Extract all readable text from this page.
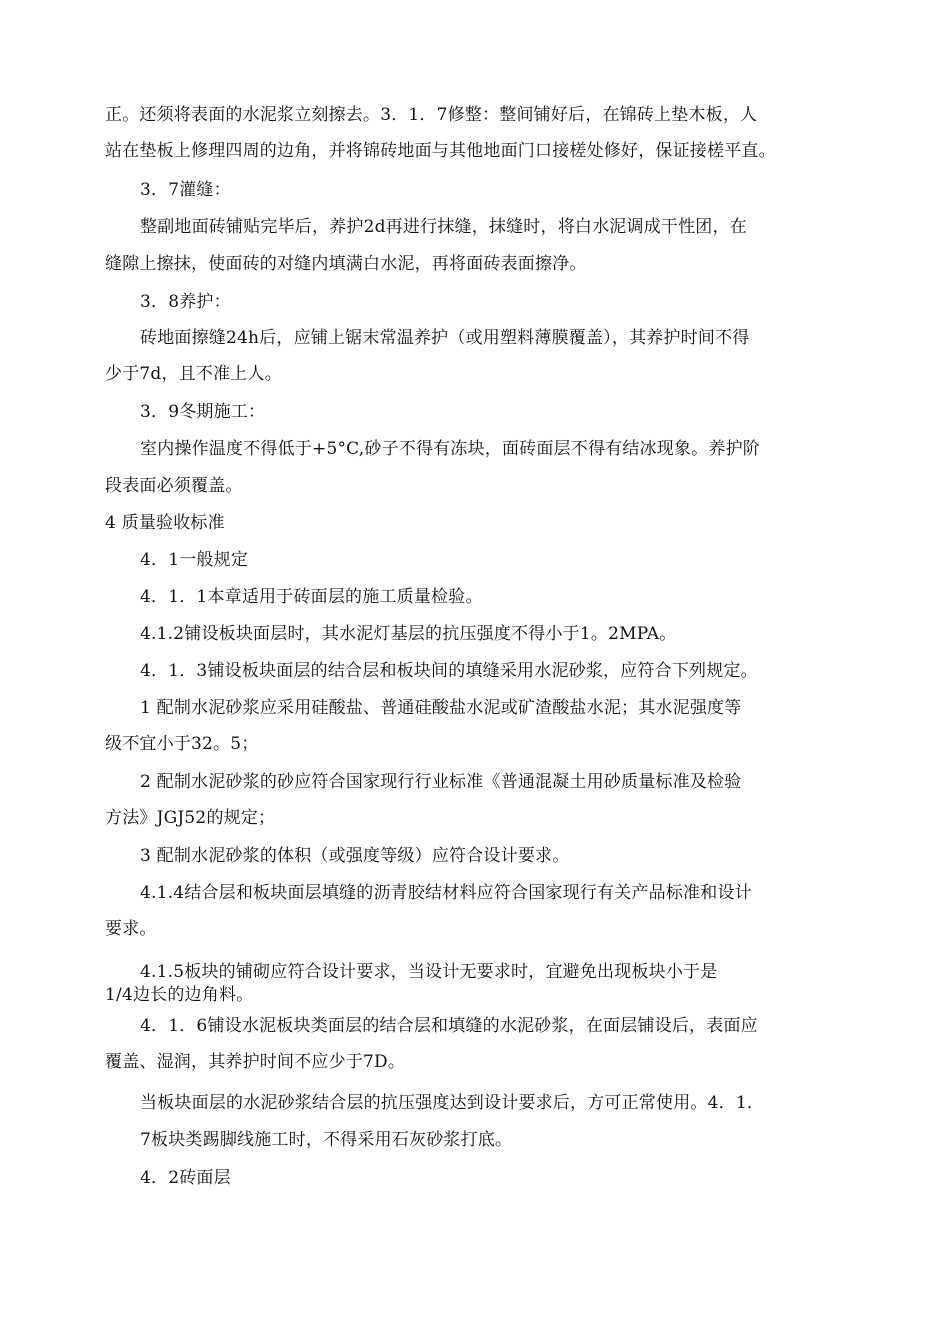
正。还须将表面的水泥浆立刻擦去。3．1．7修整：整间铺好后，在锦砖上垫木板，人
站在垫板上修理四周的边角，并将锦砖地面与其他地面门口接槎处修好，保证接槎平直。
3．7灌缝：
整副地面砖铺贴完毕后，养护2d再进行抹缝，抹缝时，将白水泥调成干性团，在
缝隙上擦抹，使面砖的对缝内填满白水泥，再将面砖表面擦净。
3．8养护：
砖地面擦缝24h后，应铺上锯末常温养护（或用塑料薄膜覆盖），其养护时间不得
少于7d，且不准上人。
3．9冬期施工：
室内操作温度不得低于+5°C,砂子不得有冻块，面砖面层不得有结冰现象。养护阶
段表面必须覆盖。
4 质量验收标准
4．1一般规定
4．1．1本章适用于砖面层的施工质量检验。
4.1.2铺设板块面层时，其水泥灯基层的抗压强度不得小于1。2MPA。
4．1．3铺设板块面层的结合层和板块间的填缝采用水泥砂浆，应符合下列规定。
1 配制水泥砂浆应采用硅酸盐、普通硅酸盐水泥或矿渣酸盐水泥；其水泥强度等
级不宜小于32。5；
2 配制水泥砂浆的砂应符合国家现行行业标准《普通混凝土用砂质量标准及检验
方法》JGJ52的规定；
3 配制水泥砂浆的体积（或强度等级）应符合设计要求。
4.1.4结合层和板块面层填缝的沥青胶结材料应符合国家现行有关产品标准和设计
要求。
4.1.5板块的铺砌应符合设计要求，当设计无要求时，宜避免出现板块小于是
1/4边长的边角料。
4．1．6铺设水泥板块类面层的结合层和填缝的水泥砂浆，在面层铺设后，表面应
覆盖、湿润，其养护时间不应少于7D。
当板块面层的水泥砂浆结合层的抗压强度达到设计要求后，方可正常使用。4．1．
7板块类踢脚线施工时，不得采用石灰砂浆打底。
4．2砖面层
